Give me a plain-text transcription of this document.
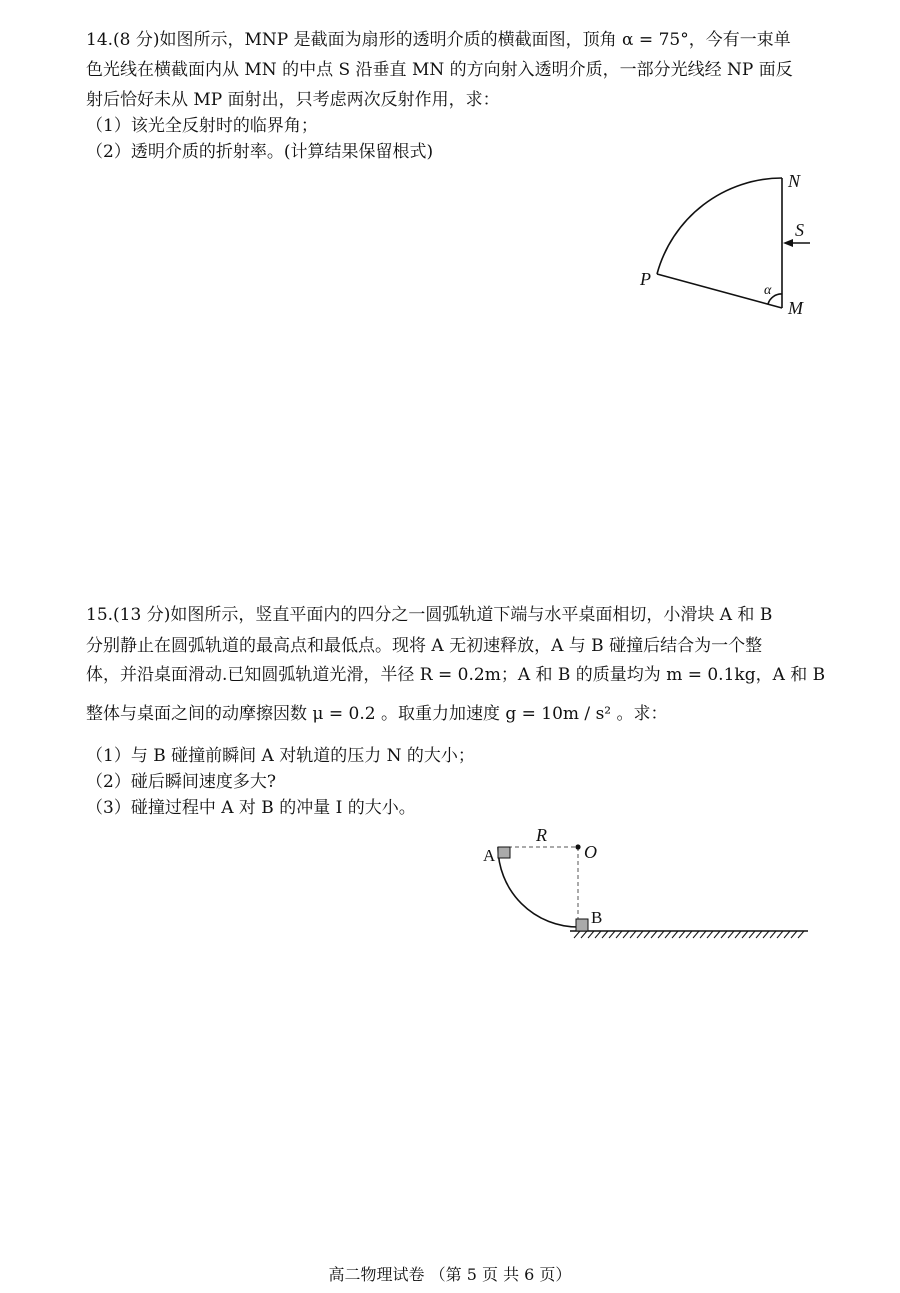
14.(8 分)如图所示，MNP 是截面为扇形的透明介质的横截面图，顶角 α = 75°，今有一束单
色光线在横截面内从 MN 的中点 S 沿垂直 MN 的方向射入透明介质，一部分光线经 NP 面反
射后恰好未从 MP 面射出，只考虑两次反射作用，求：
（1）该光全反射时的临界角；
（2）透明介质的折射率。(计算结果保留根式)
N
S
P
M
α
15.(13 分)如图所示，竖直平面内的四分之一圆弧轨道下端与水平桌面相切，小滑块 A 和 B
分别静止在圆弧轨道的最高点和最低点。现将 A 无初速释放，A 与 B 碰撞后结合为一个整
体，并沿桌面滑动.已知圆弧轨道光滑，半径 R = 0.2m；A 和 B 的质量均为 m = 0.1kg，A 和 B
整体与桌面之间的动摩擦因数 μ = 0.2 。取重力加速度 g = 10m / s² 。求：
（1）与 B 碰撞前瞬间 A 对轨道的压力 N 的大小；
（2）碰后瞬间速度多大?
（3）碰撞过程中 A 对 B 的冲量 I 的大小。
R
O
A
B
高二物理试卷 （第 5 页 共 6 页）
